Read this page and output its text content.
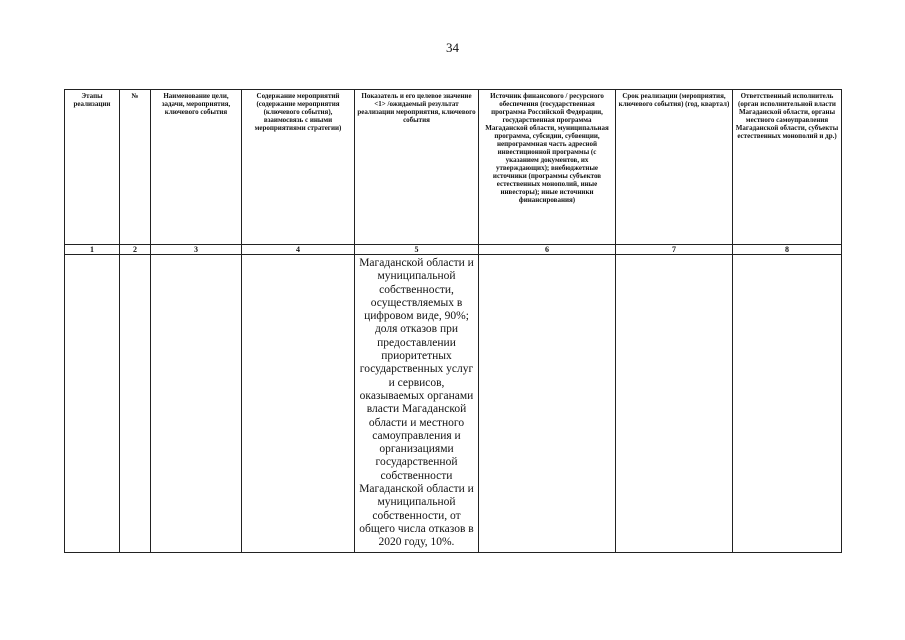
34
Этапы реализации	№	Наименование цели, задачи, мероприятия, ключевого события	Содержание мероприятий (содержание мероприятия (ключевого события), взаимосвязь с иными мероприятиями стратегии)	Показатель и его целевое значение <1> /ожидаемый результат реализации мероприятия, ключевого события	Источник финансового / ресурсного обеспечения (государственная программа Российской Федерации, государственная программа Магаданской области, муниципальная программа, субсидии, субвенции, непрограммная часть адресной инвестиционной программы (с указанием документов, их утверждающих); внебюджетные источники (программы субъектов естественных монополий, иные инвесторы); иные источники финансирования)	Срок реализации (мероприятия, ключевого события) (год, квартал)	Ответственный исполнитель (орган исполнительной власти Магаданской области, органы местного самоуправления Магаданской области, субъекты естественных монополий и др.)
1	2	3	4	5	6	7	8
				Магаданской области и муниципальной собственности, осуществляемых в цифровом виде, 90%; доля отказов при предоставлении приоритетных государственных услуг и сервисов, оказываемых органами власти Магаданской области и местного самоуправления и организациями государственной собственности Магаданской области и муниципальной собственности, от общего числа отказов в 2020 году, 10%.			
